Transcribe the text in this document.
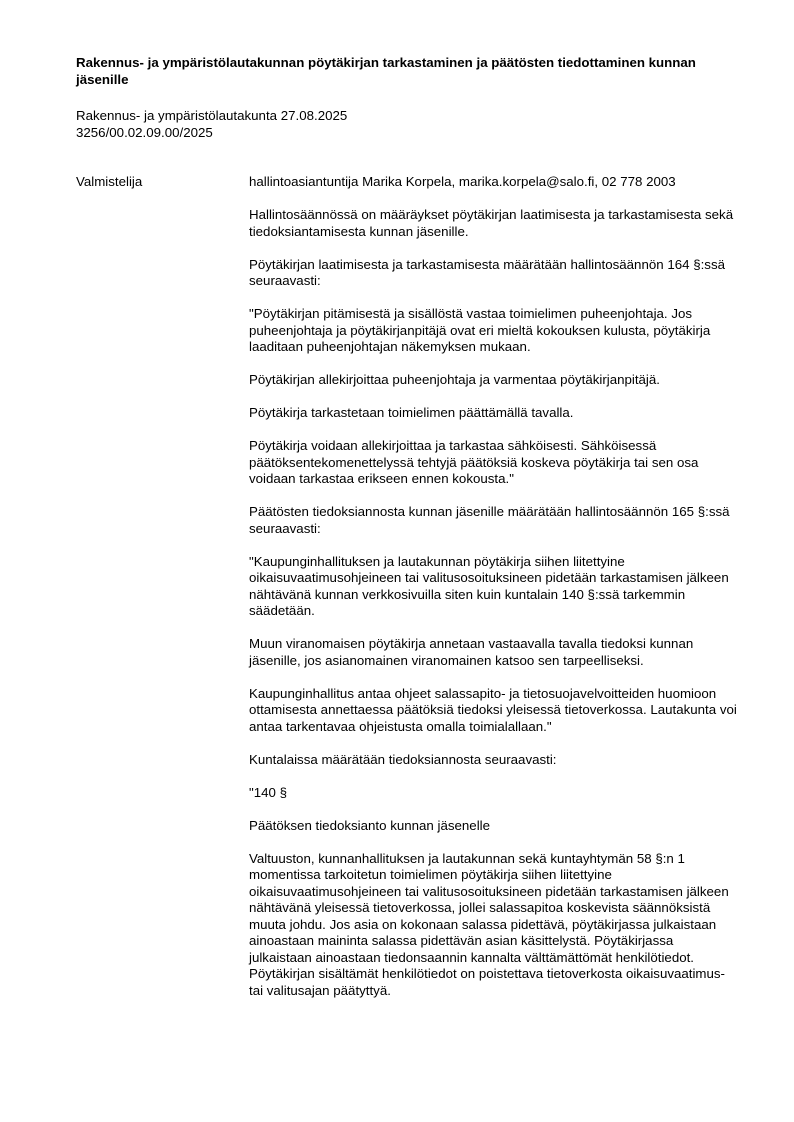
Rakennus- ja ympäristölautakunnan pöytäkirjan tarkastaminen ja päätösten tiedottaminen kunnan jäsenille
Rakennus- ja ympäristölautakunta 27.08.2025
3256/00.02.09.00/2025
Valmistelija	hallintoasiantuntija Marika Korpela, marika.korpela@salo.fi, 02 778 2003

Hallintosäännössä on määräykset pöytäkirjan laatimisesta ja tarkastamisesta sekä tiedoksiantamisesta kunnan jäsenille.

Pöytäkirjan laatimisesta ja tarkastamisesta määrätään hallintosäännön 164 §:ssä seuraavasti:

"Pöytäkirjan pitämisestä ja sisällöstä vastaa toimielimen puheenjohtaja. Jos puheenjohtaja ja pöytäkirjanpitäjä ovat eri mieltä kokouksen kulusta, pöytäkirja laaditaan puheenjohtajan näkemyksen mukaan.

Pöytäkirjan allekirjoittaa puheenjohtaja ja varmentaa pöytäkirjanpitäjä.

Pöytäkirja tarkastetaan toimielimen päättämällä tavalla.

Pöytäkirja voidaan allekirjoittaa ja tarkastaa sähköisesti. Sähköisessä päätöksentekomenettelyssä tehtyjä päätöksiä koskeva pöytäkirja tai sen osa voidaan tarkastaa erikseen ennen kokousta."

Päätösten tiedoksiannosta kunnan jäsenille määrätään hallintosäännön 165 §:ssä seuraavasti:

"Kaupunginhallituksen ja lautakunnan pöytäkirja siihen liitettyine oikaisuvaatimusohjeineen tai valitusosoituksineen pidetään tarkastamisen jälkeen nähtävänä kunnan verkkosivuilla siten kuin kuntalain 140 §:ssä tarkemmin säädetään.

Muun viranomaisen pöytäkirja annetaan vastaavalla tavalla tiedoksi kunnan jäsenille, jos asianomainen viranomainen katsoo sen tarpeelliseksi.

Kaupunginhallitus antaa ohjeet salassapito- ja tietosuojavelvoitteiden huomioon ottamisesta annettaessa päätöksiä tiedoksi yleisessä tietoverkossa. Lautakunta voi antaa tarkentavaa ohjeistusta omalla toimialallaan."

Kuntalaissa määrätään tiedoksiannosta seuraavasti:

"140 §

Päätöksen tiedoksianto kunnan jäsenelle

Valtuuston, kunnanhallituksen ja lautakunnan sekä kuntayhtymän 58 §:n 1 momentissa tarkoitetun toimielimen pöytäkirja siihen liitettyine oikaisuvaatimusohjeineen tai valitusosoituksineen pidetään tarkastamisen jälkeen nähtävänä yleisessä tietoverkossa, jollei salassapitoa koskevista säännöksistä muuta johdu. Jos asia on kokonaan salassa pidettävä, pöytäkirjassa julkaistaan ainoastaan maininta salassa pidettävän asian käsittelystä. Pöytäkirjassa julkaistaan ainoastaan tiedonsaannin kannalta välttämättömät henkilötiedot. Pöytäkirjan sisältämät henkilötiedot on poistettava tietoverkosta oikaisuvaatimus- tai valitusajan päätyttyä.
